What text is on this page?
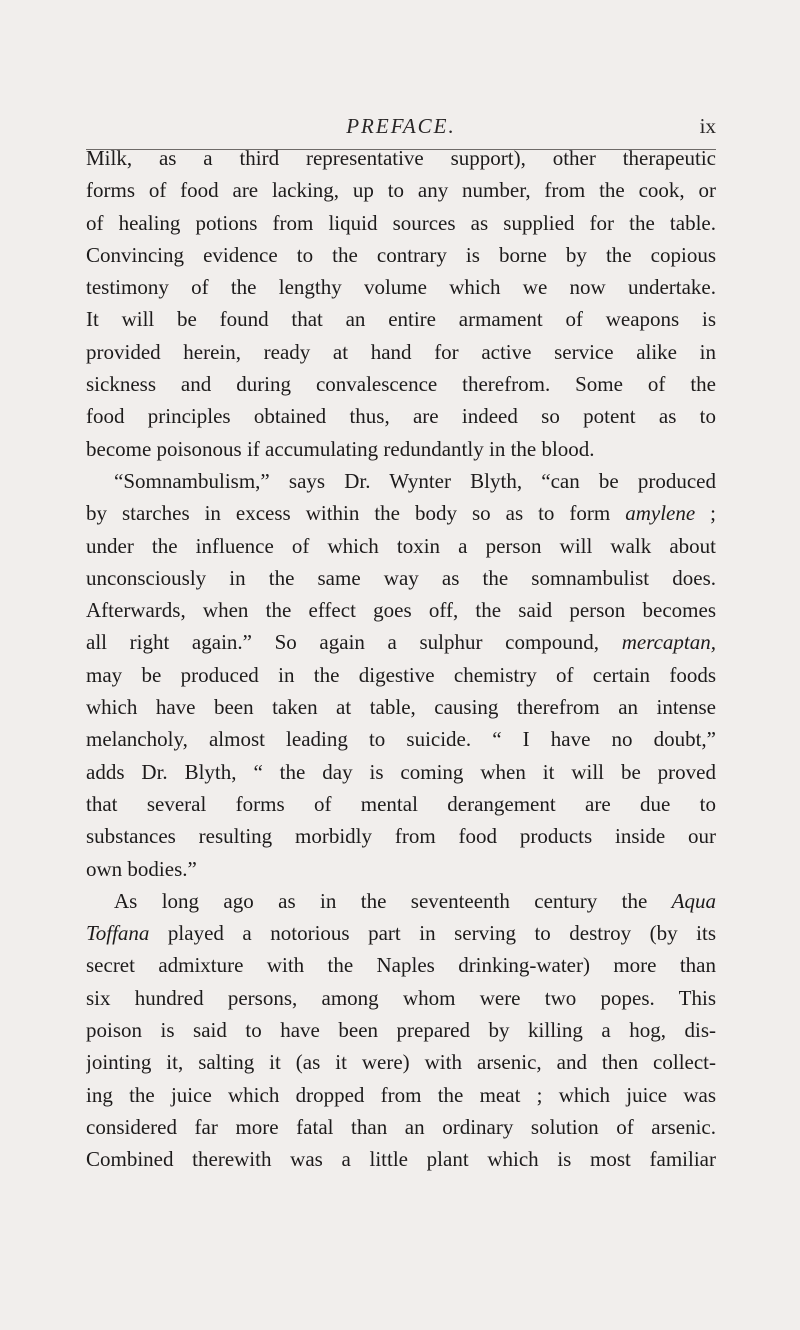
PREFACE.	ix
Milk, as a third representative support), other therapeutic
forms of food are lacking, up to any number, from the cook, or
of healing potions from liquid sources as supplied for the table.
Convincing evidence to the contrary is borne by the copious
testimony of the lengthy volume which we now undertake.
It will be found that an entire armament of weapons is
provided herein, ready at hand for active service alike in
sickness and during convalescence therefrom. Some of the
food principles obtained thus, are indeed so potent as to
become poisonous if accumulating redundantly in the blood.
“Somnambulism,” says Dr. Wynter Blyth, “can be produced
by starches in excess within the body so as to form amylene ;
under the influence of which toxin a person will walk about
unconsciously in the same way as the somnambulist does.
Afterwards, when the effect goes off, the said person becomes
all right again.” So again a sulphur compound, mercaptan,
may be produced in the digestive chemistry of certain foods
which have been taken at table, causing therefrom an intense
melancholy, almost leading to suicide. “ I have no doubt,”
adds Dr. Blyth, “ the day is coming when it will be proved
that several forms of mental derangement are due to
substances resulting morbidly from food products inside our
own bodies.”
As long ago as in the seventeenth century the Aqua
Toffana played a notorious part in serving to destroy (by its
secret admixture with the Naples drinking-water) more than
six hundred persons, among whom were two popes. This
poison is said to have been prepared by killing a hog, dis-
jointing it, salting it (as it were) with arsenic, and then collect-
ing the juice which dropped from the meat ; which juice was
considered far more fatal than an ordinary solution of arsenic.
Combined therewith was a little plant which is most familiar
